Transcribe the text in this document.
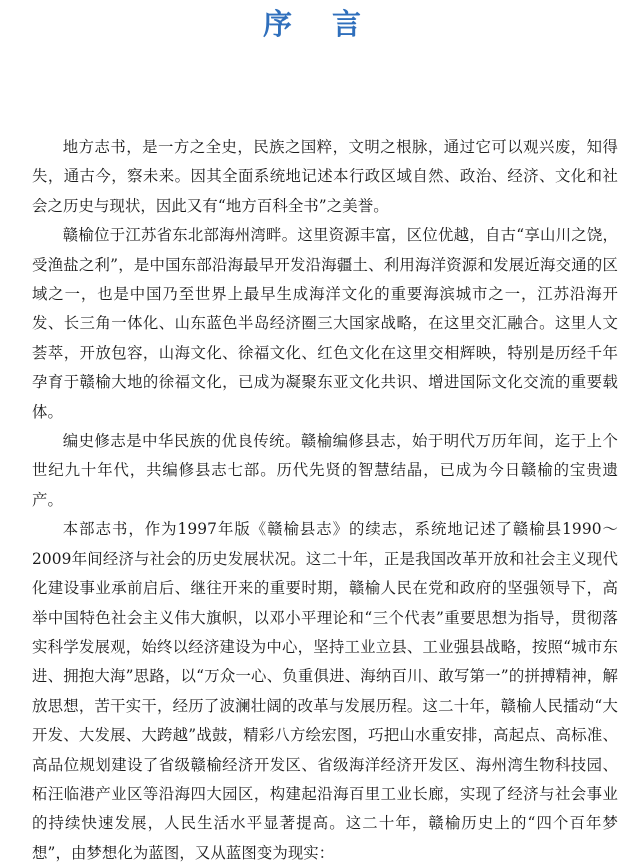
序言

地方志书，是一方之全史，民族之国粹，文明之根脉，通过它可以观兴废，知得失，通古今，察未来。因其全面系统地记述本行政区域自然、政治、经济、文化和社会之历史与现状，因此又有“地方百科全书”之美誉。

赣榆位于江苏省东北部海州湾畔。这里资源丰富，区位优越，自古“享山川之饶，受渔盐之利”，是中国东部沿海最早开发沿海疆土、利用海洋资源和发展近海交通的区域之一，也是中国乃至世界上最早生成海洋文化的重要海滨城市之一，江苏沿海开发、长三角一体化、山东蓝色半岛经济圈三大国家战略，在这里交汇融合。这里人文荟萃，开放包容，山海文化、徐福文化、红色文化在这里交相辉映，特别是历经千年孕育于赣榆大地的徐福文化，已成为凝聚东亚文化共识、增进国际文化交流的重要载体。

编史修志是中华民族的优良传统。赣榆编修县志，始于明代万历年间，迄于上个世纪九十年代，共编修县志七部。历代先贤的智慧结晶，已成为今日赣榆的宝贵遗产。

本部志书，作为1997年版《赣榆县志》的续志，系统地记述了赣榆县1990～2009年间经济与社会的历史发展状况。这二十年，正是我国改革开放和社会主义现代化建设事业承前启后、继往开来的重要时期，赣榆人民在党和政府的坚强领导下，高举中国特色社会主义伟大旗帜，以邓小平理论和“三个代表”重要思想为指导，贯彻落实科学发展观，始终以经济建设为中心，坚持工业立县、工业强县战略，按照“城市东进、拥抱大海”思路，以“万众一心、负重俱进、海纳百川、敢写第一”的拼搏精神，解放思想，苦干实干，经历了波澜壮阔的改革与发展历程。这二十年，赣榆人民擂动“大开发、大发展、大跨越”战鼓，精彩八方绘宏图，巧把山水重安排，高起点、高标准、高品位规划建设了省级赣榆经济开发区、省级海洋经济开发区、海州湾生物科技园、柘汪临港产业区等沿海四大园区，构建起沿海百里工业长廊，实现了经济与社会事业的持续快速发展，人民生活水平显著提高。这二十年，赣榆历史上的“四个百年梦想”，由梦想化为蓝图，又从蓝图变为现实：
